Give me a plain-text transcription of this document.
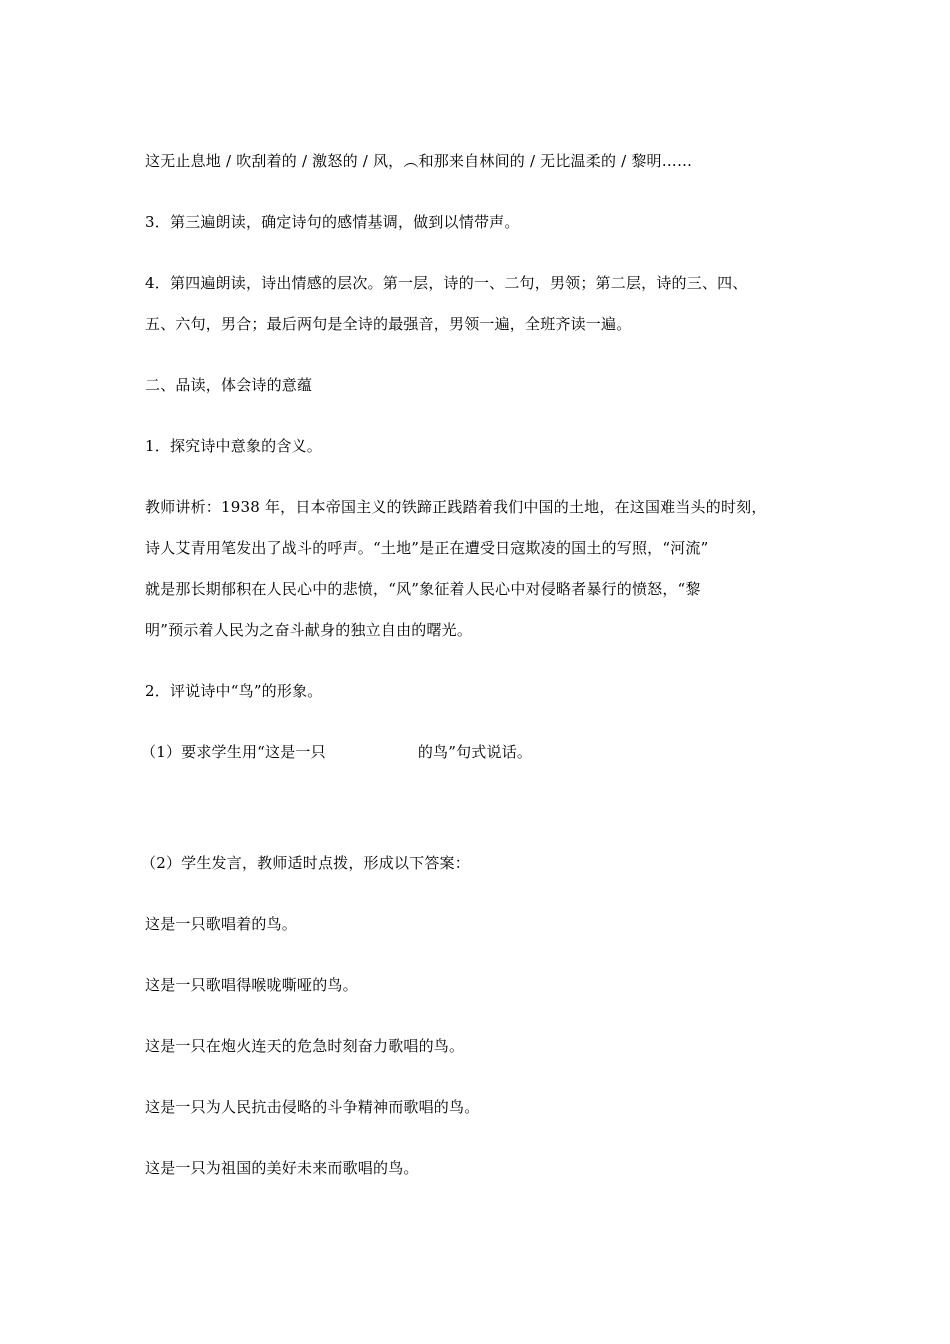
这无止息地 / 吹刮着的 / 激怒的 / 风，︵和那来自林间的 / 无比温柔的 / 黎明……
3．第三遍朗读，确定诗句的感情基调，做到以情带声。
4．第四遍朗读，诗出情感的层次。第一层，诗的一、二句，男领；第二层，诗的三、四、
五、六句，男合；最后两句是全诗的最强音，男领一遍，全班齐读一遍。
二、品读，体会诗的意蕴
1．探究诗中意象的含义。
教师讲析：1938 年，日本帝国主义的铁蹄正践踏着我们中国的土地，在这国难当头的时刻，
诗人艾青用笔发出了战斗的呼声。“土地”是正在遭受日寇欺凌的国土的写照，“河流”
就是那长期郁积在人民心中的悲愤，“风”象征着人民心中对侵略者暴行的愤怒，“黎
明”预示着人民为之奋斗献身的独立自由的曙光。
2．评说诗中“鸟”的形象。
（1）要求学生用“这是一只	的鸟”句式说话。
（2）学生发言，教师适时点拨，形成以下答案：
这是一只歌唱着的鸟。
这是一只歌唱得喉咙嘶哑的鸟。
这是一只在炮火连天的危急时刻奋力歌唱的鸟。
这是一只为人民抗击侵略的斗争精神而歌唱的鸟。
这是一只为祖国的美好未来而歌唱的鸟。
